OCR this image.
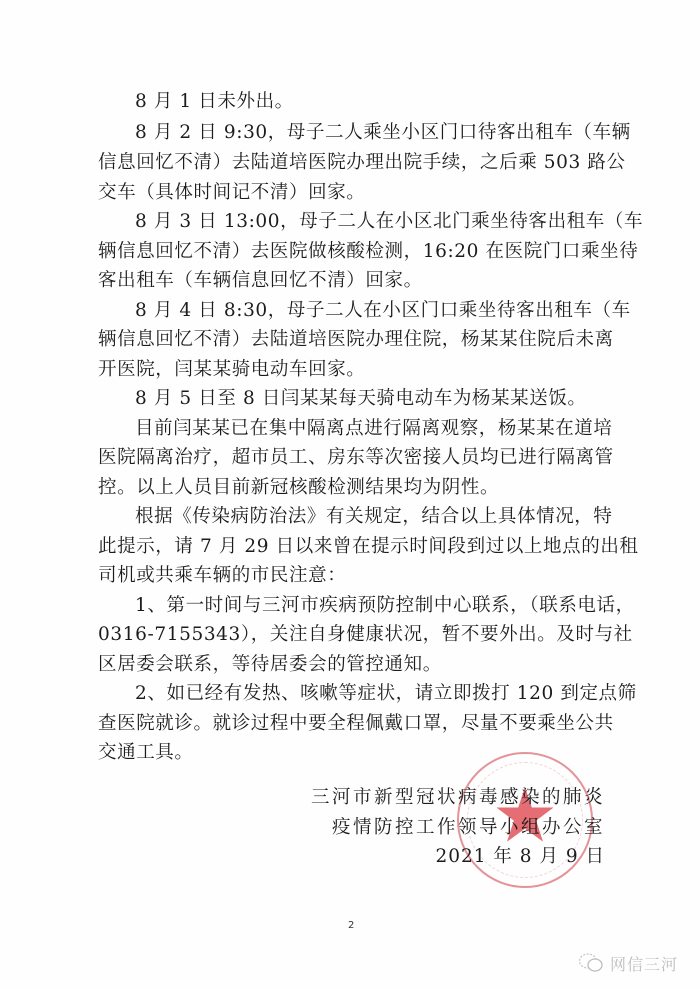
8 月 1 日未外出。
8 月 2 日 9:30，母子二人乘坐小区门口待客出租车（车辆
信息回忆不清）去陆道培医院办理出院手续，之后乘 503 路公
交车（具体时间记不清）回家。
8 月 3 日 13:00，母子二人在小区北门乘坐待客出租车（车
辆信息回忆不清）去医院做核酸检测，16:20 在医院门口乘坐待
客出租车（车辆信息回忆不清）回家。
8 月 4 日 8:30，母子二人在小区门口乘坐待客出租车（车
辆信息回忆不清）去陆道培医院办理住院，杨某某住院后未离
开医院，闫某某骑电动车回家。
8 月 5 日至 8 日闫某某每天骑电动车为杨某某送饭。
目前闫某某已在集中隔离点进行隔离观察，杨某某在道培
医院隔离治疗，超市员工、房东等次密接人员均已进行隔离管
控。以上人员目前新冠核酸检测结果均为阴性。
根据《传染病防治法》有关规定，结合以上具体情况，特
此提示，请 7 月 29 日以来曾在提示时间段到过以上地点的出租
司机或共乘车辆的市民注意：
1、第一时间与三河市疾病预防控制中心联系，（联系电话，
0316-7155343），关注自身健康状况，暂不要外出。及时与社
区居委会联系，等待居委会的管控通知。
2、如已经有发热、咳嗽等症状，请立即拨打 120 到定点筛
查医院就诊。就诊过程中要全程佩戴口罩，尽量不要乘坐公共
交通工具。
三河市新型冠状病毒感染的肺炎
疫情防控工作领导小组办公室
2021 年 8 月 9 日
2
网信三河
